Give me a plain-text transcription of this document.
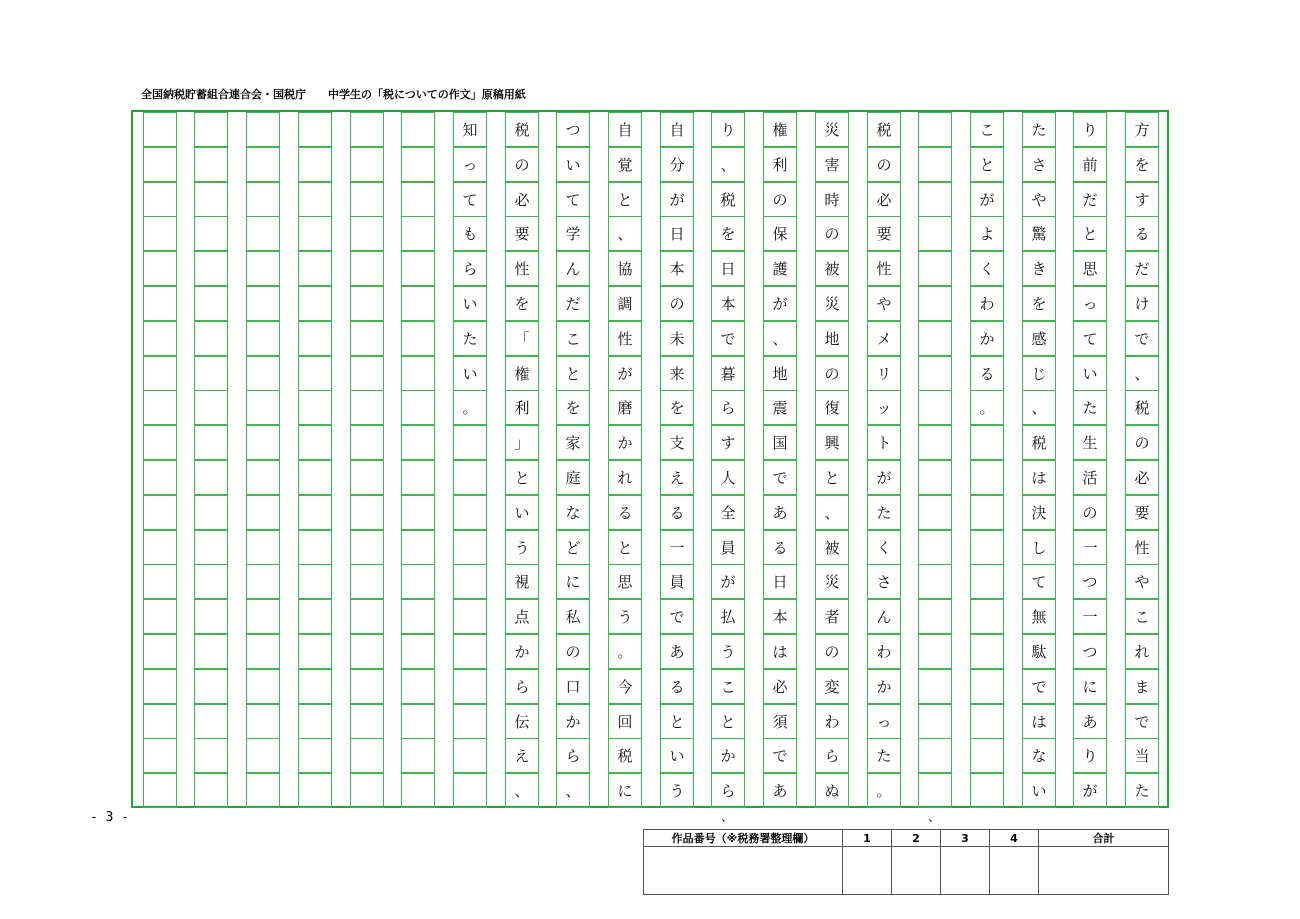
全国納税貯蓄組合連合会・国税庁　　 中学生の「税についての作文」原稿用紙
方
を
す
る
だ
け
で
、
税
の
必
要
性
や
こ
れ
ま
で
当
た
り
前
だ
と
思
っ
て
い
た
生
活
の
一
つ
一
つ
に
あ
り
が
た
さ
や
驚
き
を
感
じ
、
税
は
決
し
て
無
駄
で
は
な
い
こ
と
が
よ
く
わ
か
る
。
税
の
必
要
性
や
メ
リ
ッ
ト
が
た
く
さ
ん
わ
か
っ
た
。
災
害
時
の
被
災
地
の
復
興
と
、
被
災
者
の
変
わ
ら
ぬ
権
利
の
保
護
が
、
地
震
国
で
あ
る
日
本
は
必
須
で
あ
り
、
税
を
日
本
で
暮
ら
す
人
全
員
が
払
う
こ
と
か
ら
自
分
が
日
本
の
未
来
を
支
え
る
一
員
で
あ
る
と
い
う
自
覚
と
、
協
調
性
が
磨
か
れ
る
と
思
う
。
今
回
税
に
つ
い
て
学
ん
だ
こ
と
を
家
庭
な
ど
に
私
の
口
か
ら
、
税
の
必
要
性
を
「
権
利
」
と
い
う
視
点
か
ら
伝
え
、
知
っ
て
も
ら
い
た
い
。
- 3 -	、	、
作品番号（※税務署整理欄）	1	2	3	4	合計
